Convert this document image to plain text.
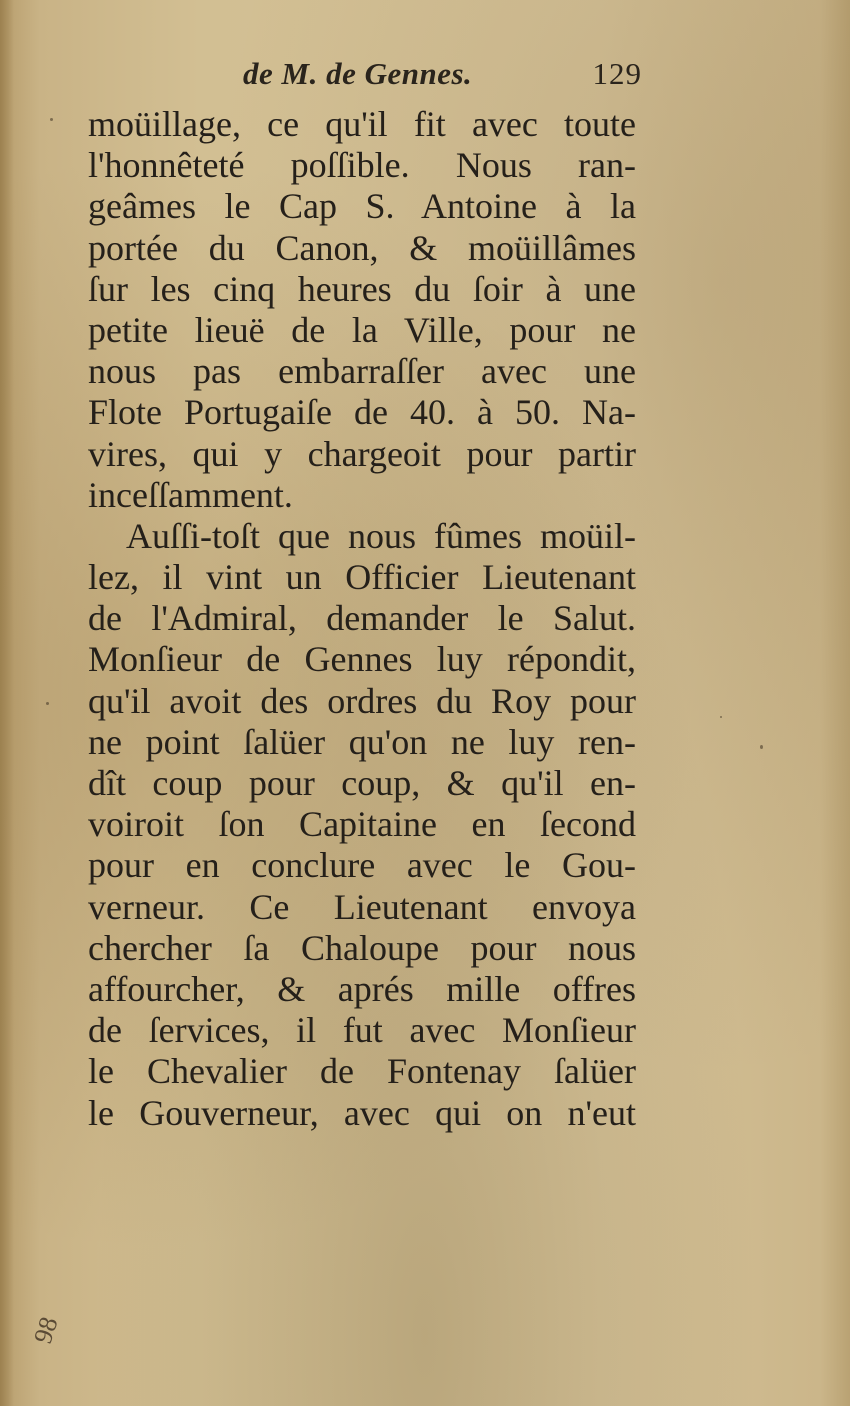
de M. de Gennes.	129
moüillage, ce qu'il fit avec toute
l'honnêteté poſſible. Nous ran-
geâmes le Cap S. Antoine à la
portée du Canon, & moüillâmes
ſur les cinq heures du ſoir à une
petite lieuë de la Ville, pour ne
nous pas embarraſſer avec une
Flote Portugaiſe de 40. à 50. Na-
vires, qui y chargeoit pour partir
inceſſamment.
Auſſi-toſt que nous fûmes moüil-
lez, il vint un Officier Lieutenant
de l'Admiral, demander le Salut.
Monſieur de Gennes luy répondit,
qu'il avoit des ordres du Roy pour
ne point ſalüer qu'on ne luy ren-
dît coup pour coup, & qu'il en-
voiroit ſon Capitaine en ſecond
pour en conclure avec le Gou-
verneur. Ce Lieutenant envoya
chercher ſa Chaloupe pour nous
affourcher, & aprés mille offres
de ſervices, il fut avec Monſieur
le Chevalier de Fontenay ſalüer
le Gouverneur, avec qui on n'eut
98
